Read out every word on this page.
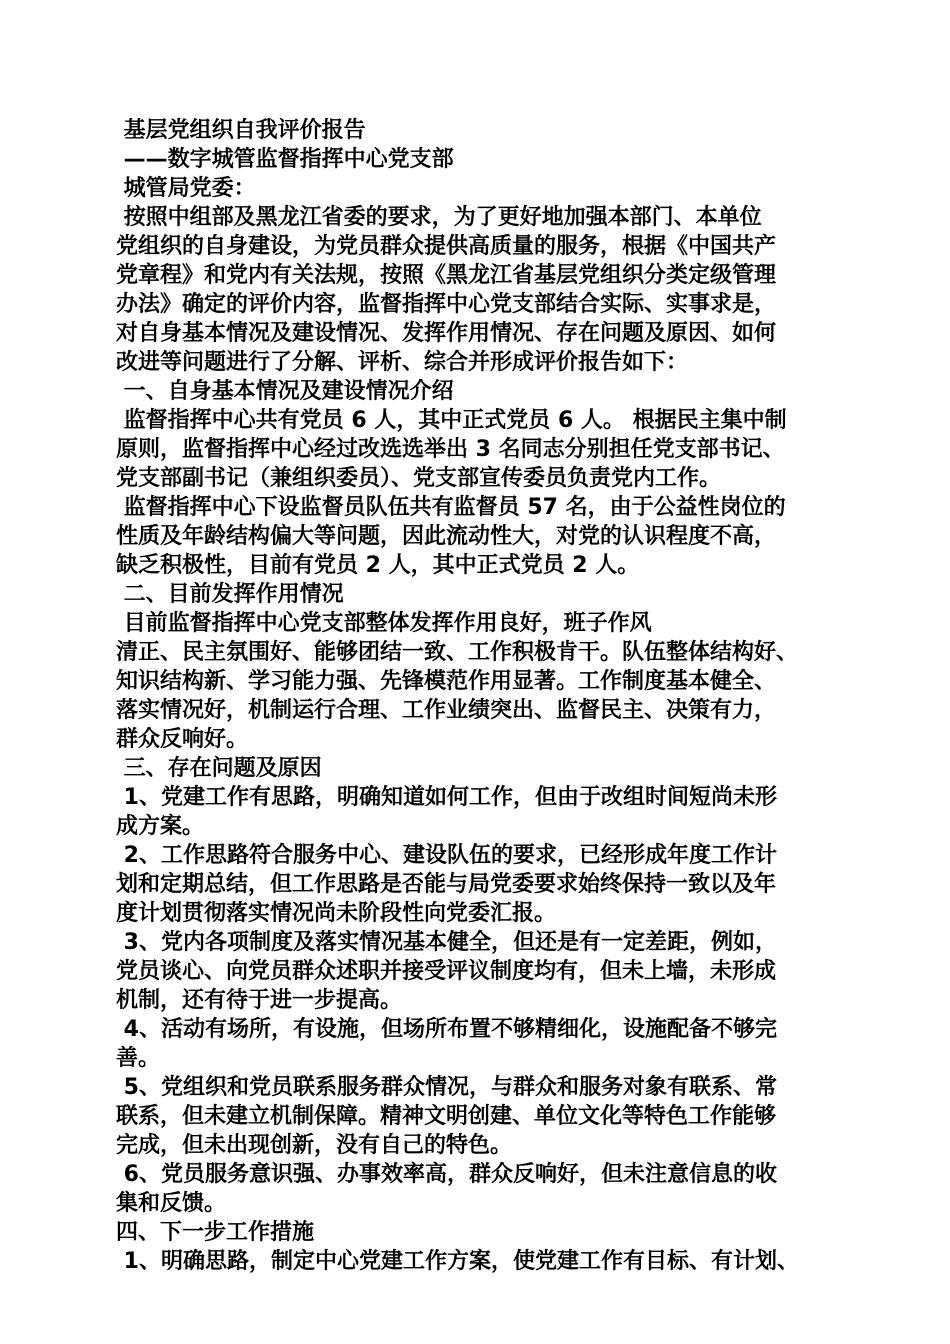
基层党组织自我评价报告
——数字城管监督指挥中心党支部
城管局党委：
按照中组部及黑龙江省委的要求，为了更好地加强本部门、本单位
党组织的自身建设，为党员群众提供高质量的服务，根据《中国共产
党章程》和党内有关法规，按照《黑龙江省基层党组织分类定级管理
办法》确定的评价内容，监督指挥中心党支部结合实际、实事求是，
对自身基本情况及建设情况、发挥作用情况、存在问题及原因、如何
改进等问题进行了分解、评析、综合并形成评价报告如下：
一、自身基本情况及建设情况介绍
监督指挥中心共有党员 6 人，其中正式党员 6 人。 根据民主集中制
原则，监督指挥中心经过改选选举出 3 名同志分别担任党支部书记、
党支部副书记（兼组织委员）、党支部宣传委员负责党内工作。
监督指挥中心下设监督员队伍共有监督员 57 名，由于公益性岗位的
性质及年龄结构偏大等问题，因此流动性大，对党的认识程度不高，
缺乏积极性，目前有党员 2 人，其中正式党员 2 人。
二、目前发挥作用情况
目前监督指挥中心党支部整体发挥作用良好，班子作风
清正、民主氛围好、能够团结一致、工作积极肯干。队伍整体结构好、
知识结构新、学习能力强、先锋模范作用显著。工作制度基本健全、
落实情况好，机制运行合理、工作业绩突出、监督民主、决策有力，
群众反响好。
三、存在问题及原因
1、党建工作有思路，明确知道如何工作，但由于改组时间短尚未形
成方案。
2、工作思路符合服务中心、建设队伍的要求，已经形成年度工作计
划和定期总结，但工作思路是否能与局党委要求始终保持一致以及年
度计划贯彻落实情况尚未阶段性向党委汇报。
3、党内各项制度及落实情况基本健全，但还是有一定差距，例如，
党员谈心、向党员群众述职并接受评议制度均有，但未上墙，未形成
机制，还有待于进一步提高。
4、活动有场所，有设施，但场所布置不够精细化，设施配备不够完
善。
5、党组织和党员联系服务群众情况，与群众和服务对象有联系、常
联系，但未建立机制保障。精神文明创建、单位文化等特色工作能够
完成，但未出现创新，没有自己的特色。
6、党员服务意识强、办事效率高，群众反响好，但未注意信息的收
集和反馈。
四、下一步工作措施
1、明确思路，制定中心党建工作方案，使党建工作有目标、有计划、
